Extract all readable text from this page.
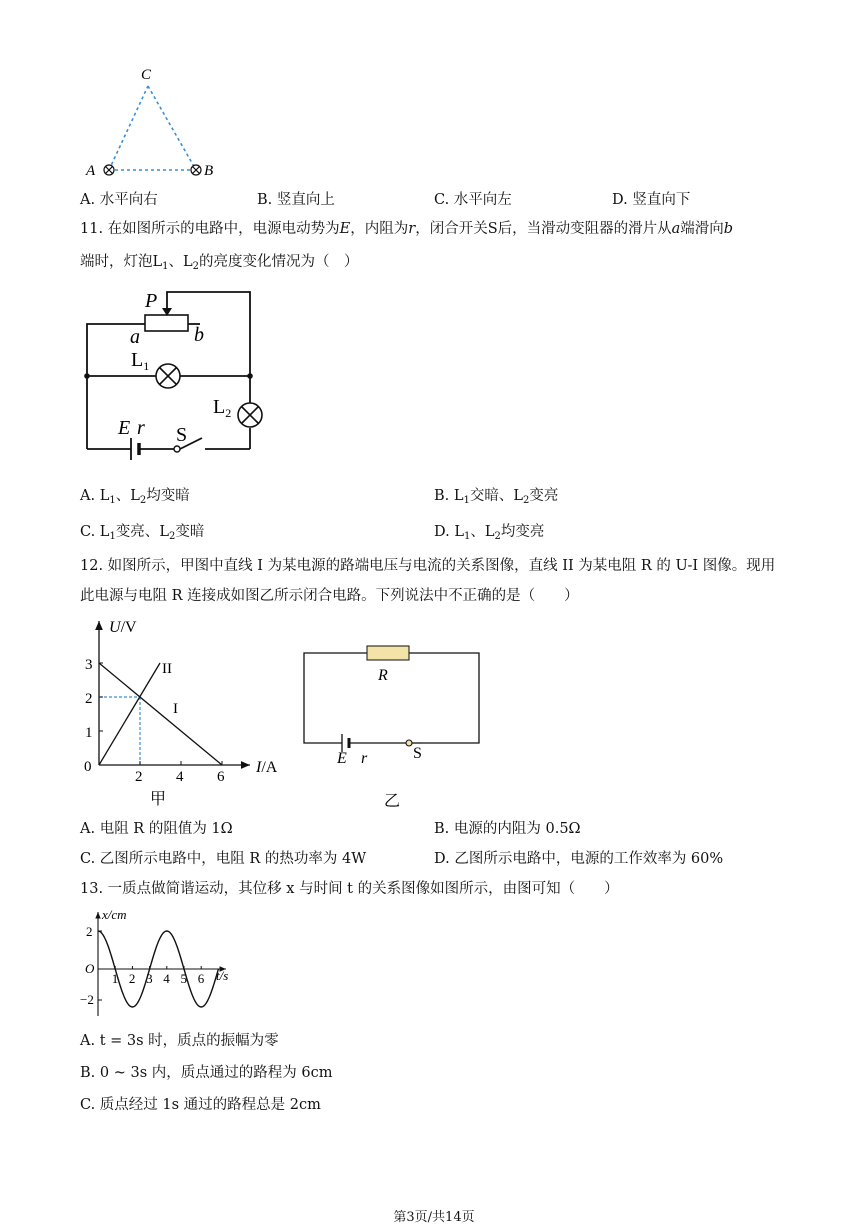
C
A	B
A. 水平向右	B. 竖直向上	C. 水平向左	D. 竖直向下
11. 在如图所示的电路中，电源电动势为E，内阻为r，闭合开关S后，当滑动变阻器的滑片从a端滑向b
端时，灯泡$L_1$、$L_2$的亮度变化情况为（　）
P
a	b
$L_1$
$L_2$
E r S
A. $L_1$、$L_2$均变暗	B. $L_1$交暗、$L_2$变亮
C. $L_1$变亮、$L_2$变暗	D. $L_1$、$L_2$均变亮
12. 如图所示，甲图中直线 I 为某电源的路端电压与电流的关系图像，直线 II 为某电阻 R 的 U-I 图像。现用
此电源与电阻 R 连接成如图乙所示闭合电路。下列说法中不正确的是（　　）
U/V
I/A
II
I
0
1
2
3
2 4 6
甲
R
E r	S
乙
A. 电阻 R 的阻值为 1Ω	B. 电源的内阻为 0.5Ω
C. 乙图所示电路中，电阻 R 的热功率为 4W	D. 乙图所示电路中，电源的工作效率为 60%
13. 一质点做简谐运动，其位移 x 与时间 t 的关系图像如图所示，由图可知（　　）
x/cm
t/s
O
2
−2
1 2 3 4 5 6
A. t = 3s 时，质点的振幅为零
B. 0 ~ 3s 内，质点通过的路程为 6cm
C. 质点经过 1s 通过的路程总是 2cm
第3页/共14页
